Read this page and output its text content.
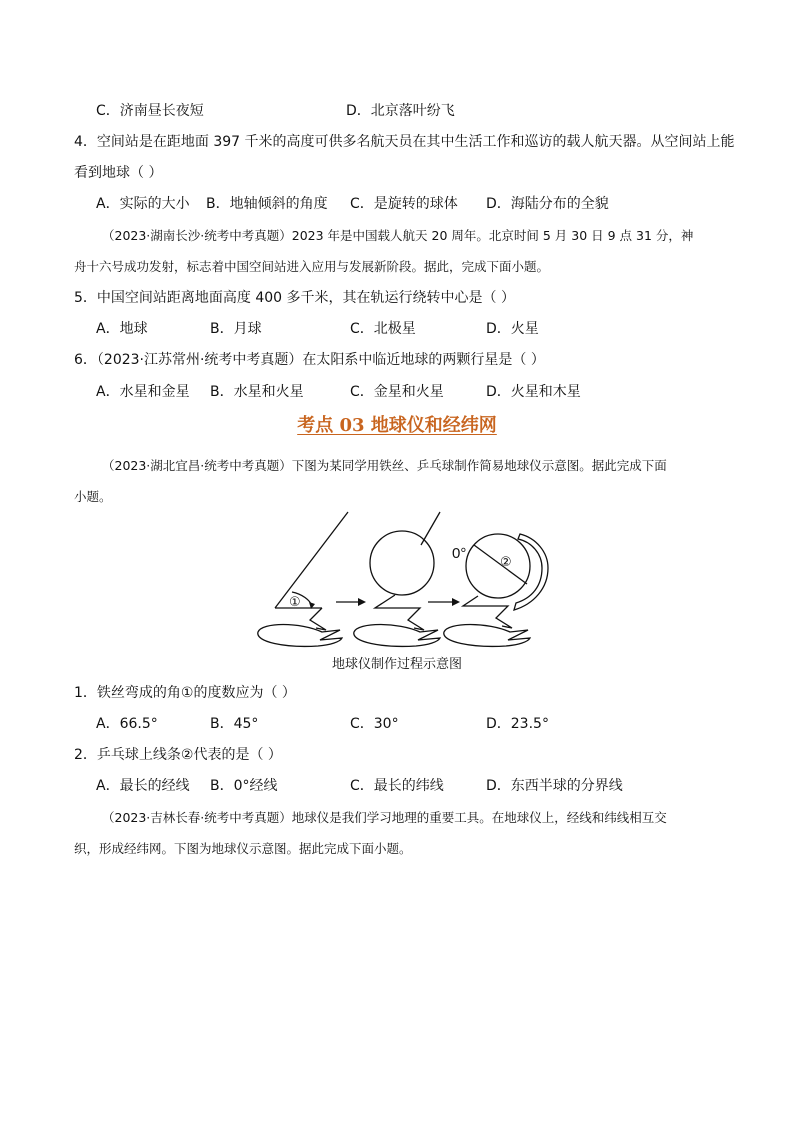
C．济南昼长夜短	D．北京落叶纷飞
4．空间站是在距地面 397 千米的高度可供多名航天员在其中生活工作和巡访的载人航天器。从空间站上能
看到地球（ ）
A．实际的大小 B．地轴倾斜的角度 C．是旋转的球体 D．海陆分布的全貌
（2023·湖南长沙·统考中考真题）2023 年是中国载人航天 20 周年。北京时间 5 月 30 日 9 点 31 分，神
舟十六号成功发射，标志着中国空间站进入应用与发展新阶段。据此，完成下面小题。
5．中国空间站距离地面高度 400 多千米，其在轨运行绕转中心是（ ）
A．地球	B．月球	C．北极星	D．火星
6．（2023·江苏常州·统考中考真题）在太阳系中临近地球的两颗行星是（ ）
A．水星和金星 B．水星和火星	C．金星和火星	D．火星和木星
考点 03 地球仪和经纬网
（2023·湖北宜昌·统考中考真题）下图为某同学用铁丝、乒乓球制作简易地球仪示意图。据此完成下面
小题。
①
0°
②
地球仪制作过程示意图
1．铁丝弯成的角①的度数应为（ ）
A．66.5°	B．45°	C．30°	D．23.5°
2．乒乓球上线条②代表的是（ ）
A．最长的经线 B．0°经线	C．最长的纬线	D．东西半球的分界线
（2023·吉林长春·统考中考真题）地球仪是我们学习地理的重要工具。在地球仪上，经线和纬线相互交
织，形成经纬网。下图为地球仪示意图。据此完成下面小题。
